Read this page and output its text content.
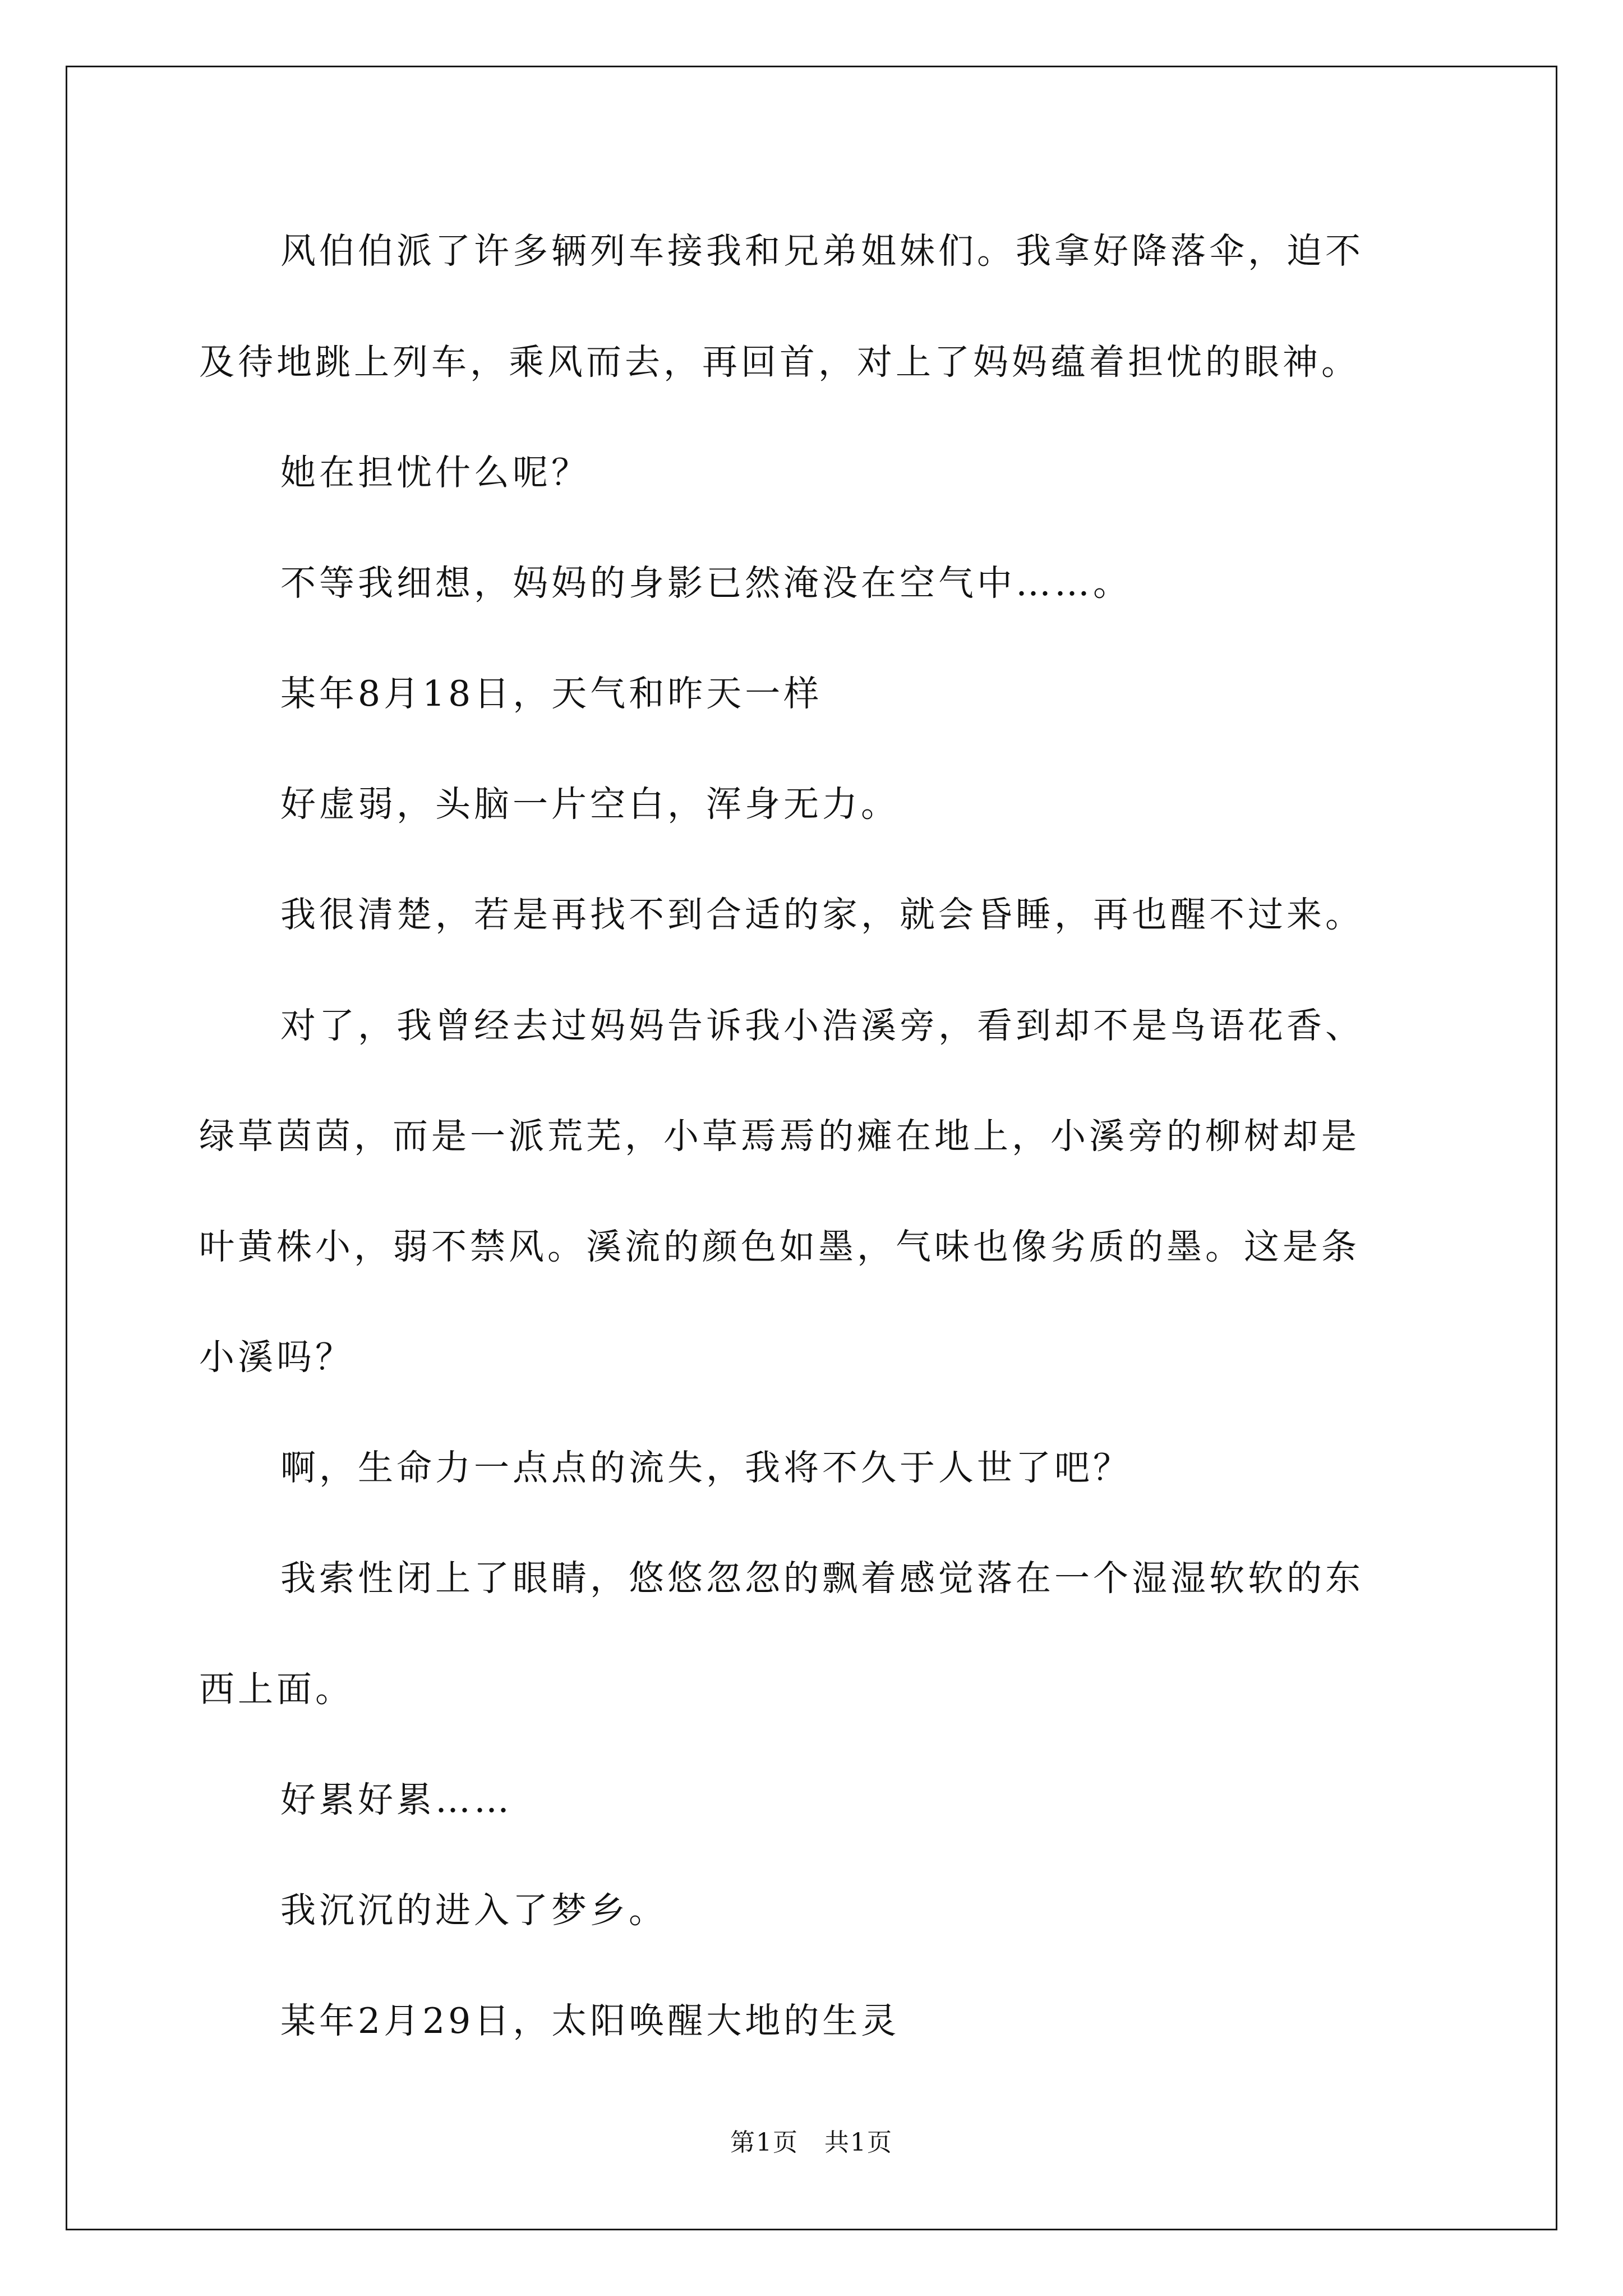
风伯伯派了许多辆列车接我和兄弟姐妹们。我拿好降落伞，迫不
及待地跳上列车，乘风而去，再回首，对上了妈妈蕴着担忧的眼神。
她在担忧什么呢？
不等我细想，妈妈的身影已然淹没在空气中……。
某年8月18日，天气和昨天一样
好虚弱，头脑一片空白，浑身无力。
我很清楚，若是再找不到合适的家，就会昏睡，再也醒不过来。
对了，我曾经去过妈妈告诉我小浩溪旁，看到却不是鸟语花香、
绿草茵茵，而是一派荒芜，小草焉焉的瘫在地上，小溪旁的柳树却是
叶黄株小，弱不禁风。溪流的颜色如墨，气味也像劣质的墨。这是条
小溪吗？
啊，生命力一点点的流失，我将不久于人世了吧？
我索性闭上了眼睛，悠悠忽忽的飘着感觉落在一个湿湿软软的东
西上面。
好累好累……
我沉沉的进入了梦乡。
某年2月29日，太阳唤醒大地的生灵
第1页 共1页
